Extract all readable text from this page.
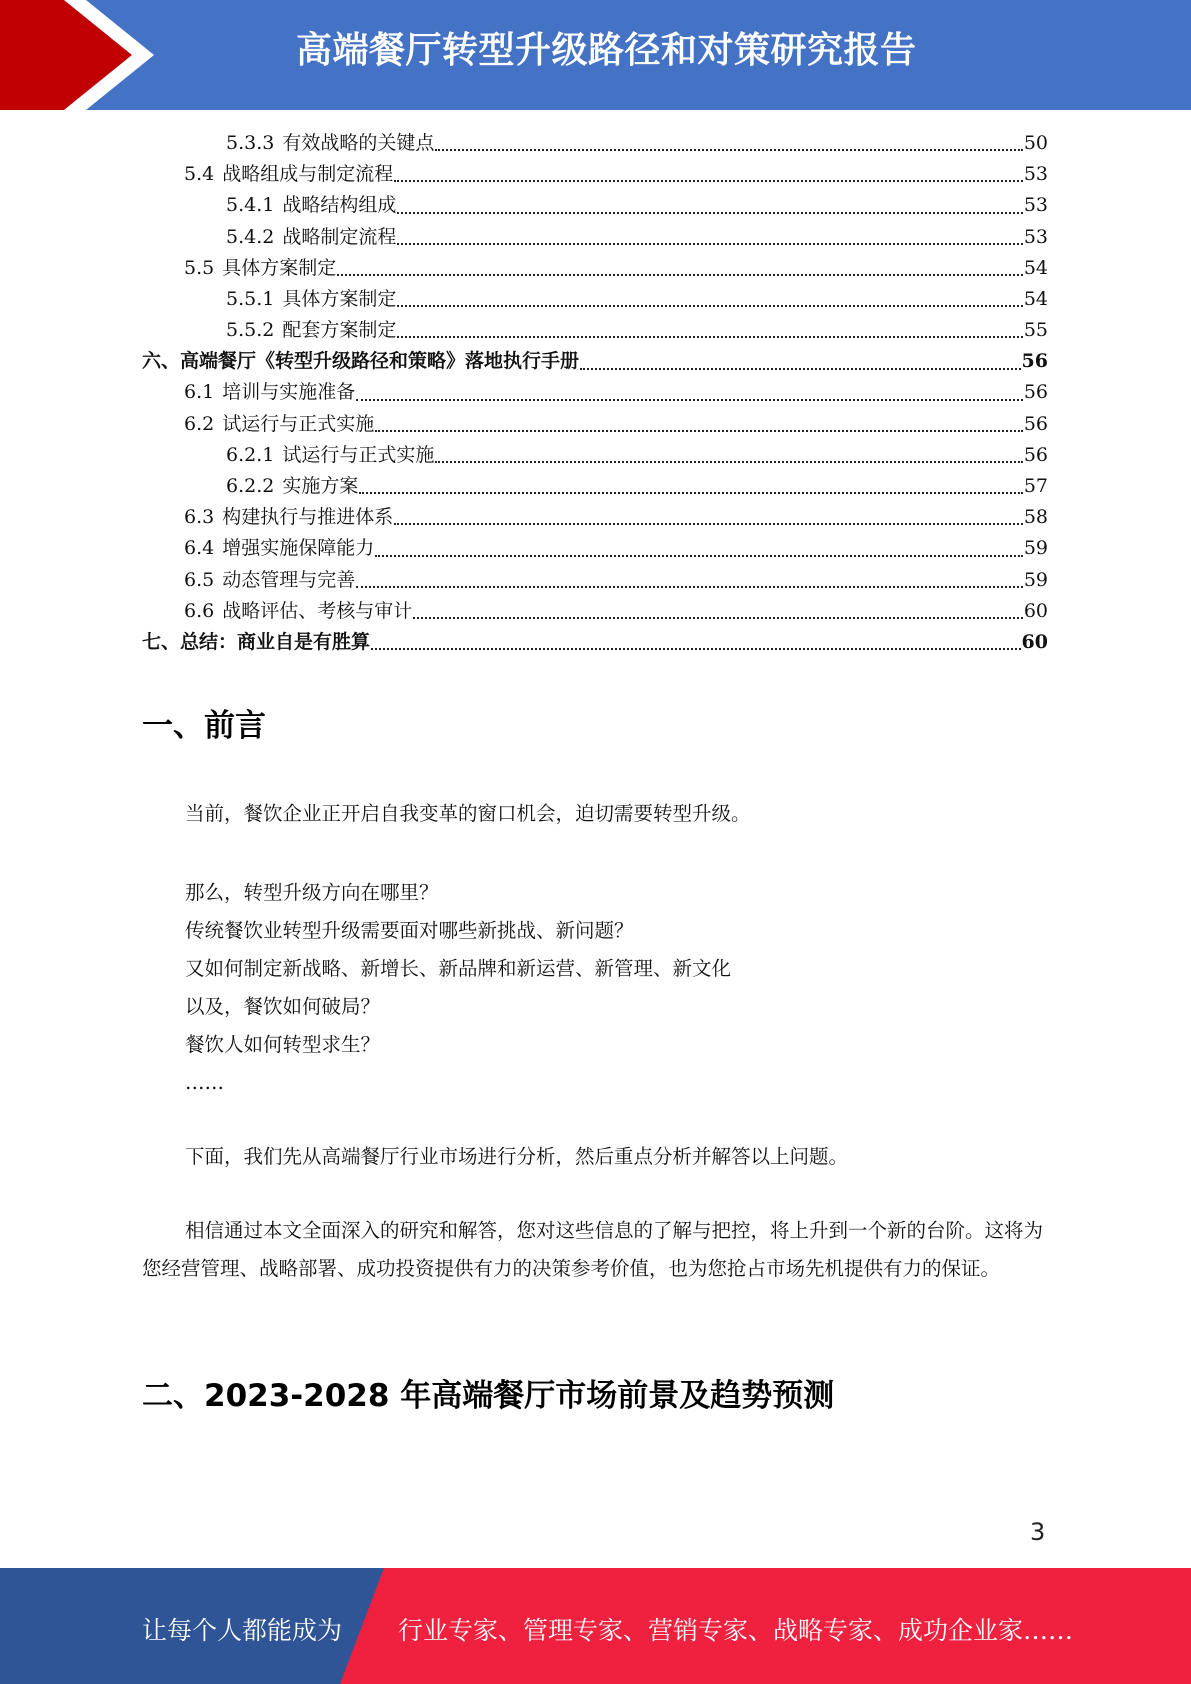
高端餐厅转型升级路径和对策研究报告
5.3.3 有效战略的关键点	50
5.4 战略组成与制定流程	53
5.4.1 战略结构组成	53
5.4.2 战略制定流程	53
5.5 具体方案制定	54
5.5.1 具体方案制定	54
5.5.2 配套方案制定	55
六、高端餐厅《转型升级路径和策略》落地执行手册	56
6.1 培训与实施准备	56
6.2 试运行与正式实施	56
6.2.1 试运行与正式实施	56
6.2.2 实施方案	57
6.3 构建执行与推进体系	58
6.4 增强实施保障能力	59
6.5 动态管理与完善	59
6.6 战略评估、考核与审计	60
七、总结：商业自是有胜算	60
一、前言
当前，餐饮企业正开启自我变革的窗口机会，迫切需要转型升级。
那么，转型升级方向在哪里？
传统餐饮业转型升级需要面对哪些新挑战、新问题？
又如何制定新战略、新增长、新品牌和新运营、新管理、新文化
以及，餐饮如何破局？
餐饮人如何转型求生？
……
下面，我们先从高端餐厅行业市场进行分析，然后重点分析并解答以上问题。
相信通过本文全面深入的研究和解答，您对这些信息的了解与把控，将上升到一个新的台阶。这将为您经营管理、战略部署、成功投资提供有力的决策参考价值，也为您抢占市场先机提供有力的保证。
二、2023-2028 年高端餐厅市场前景及趋势预测
3
让每个人都能成为 行业专家、管理专家、营销专家、战略专家、成功企业家……
